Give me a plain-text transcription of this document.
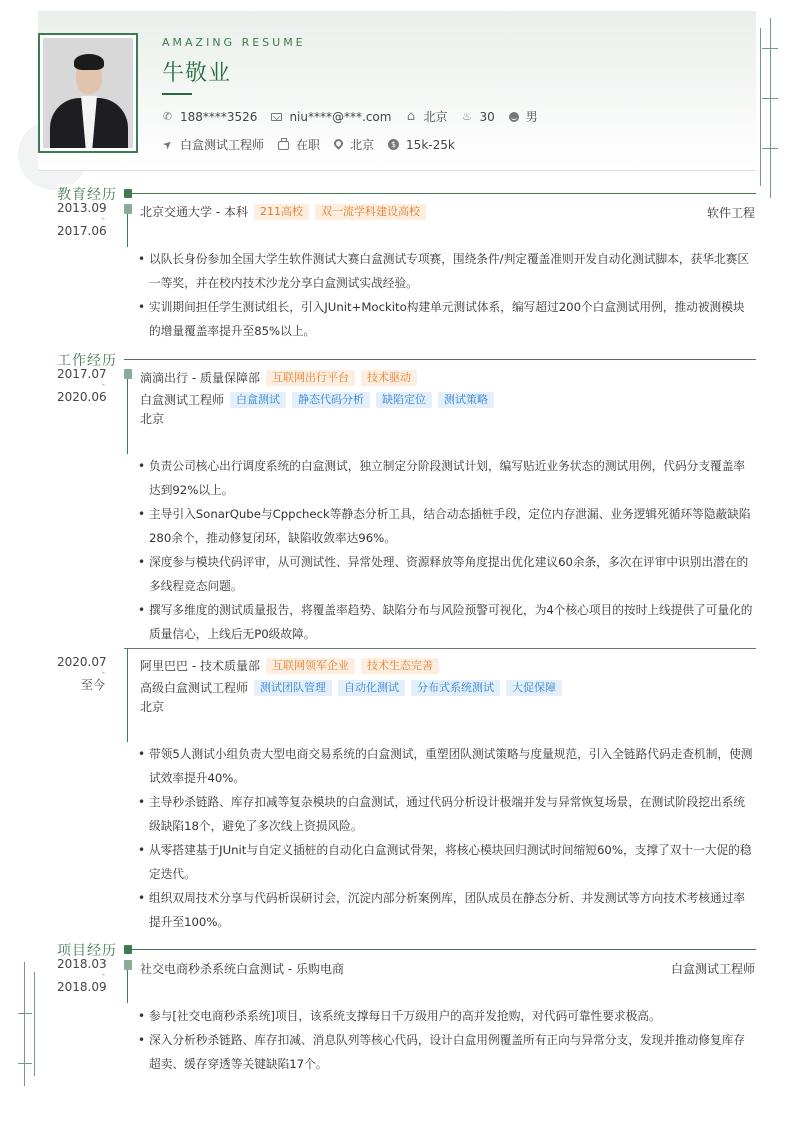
AMAZING RESUME
牛敬业
✆
188****3526	niu****@***.com ⌂	北京 ♨	30	男
➤
白盒测试工程师	在职	北京 $	15k-25k
教育经历
2013.09
-
2017.06
北京交通大学 - 本科	211高校	双一流学科建设高校	软件工程
• 以队长身份参加全国大学生软件测试大赛白盒测试专项赛，围绕条件/判定覆盖准则开发自动化测试脚本，获华北赛区一等奖，并在校内技术沙龙分享白盒测试实战经验。
• 实训期间担任学生测试组长，引入JUnit+Mockito构建单元测试体系，编写超过200个白盒测试用例，推动被测模块的增量覆盖率提升至85%以上。
工作经历
2017.07
-
2020.06
滴滴出行 - 质量保障部	互联网出行平台	技术驱动
白盒测试工程师	白盒测试	静态代码分析	缺陷定位	测试策略
北京
• 负责公司核心出行调度系统的白盒测试，独立制定分阶段测试计划，编写贴近业务状态的测试用例，代码分支覆盖率达到92%以上。
• 主导引入SonarQube与Cppcheck等静态分析工具，结合动态插桩手段，定位内存泄漏、业务逻辑死循环等隐蔽缺陷280余个，推动修复闭环，缺陷收敛率达96%。
• 深度参与模块代码评审，从可测试性、异常处理、资源释放等角度提出优化建议60余条，多次在评审中识别出潜在的多线程竞态问题。
• 撰写多维度的测试质量报告，将覆盖率趋势、缺陷分布与风险预警可视化，为4个核心项目的按时上线提供了可量化的质量信心，上线后无P0级故障。
2020.07
-
至今
阿里巴巴 - 技术质量部	互联网领军企业	技术生态完善
高级白盒测试工程师	测试团队管理	自动化测试	分布式系统测试	大促保障
北京
• 带领5人测试小组负责大型电商交易系统的白盒测试，重塑团队测试策略与度量规范，引入全链路代码走查机制，使测试效率提升40%。
• 主导秒杀链路、库存扣减等复杂模块的白盒测试，通过代码分析设计极端并发与异常恢复场景，在测试阶段挖出系统级缺陷18个，避免了多次线上资损风险。
• 从零搭建基于JUnit与自定义插桩的自动化白盒测试骨架，将核心模块回归测试时间缩短60%，支撑了双十一大促的稳定迭代。
• 组织双周技术分享与代码析误研讨会，沉淀内部分析案例库，团队成员在静态分析、并发测试等方向技术考核通过率提升至100%。
项目经历
2018.03
-
2018.09
社交电商秒杀系统白盒测试 - 乐购电商	白盒测试工程师
• 参与[社交电商秒杀系统]项目，该系统支撑每日千万级用户的高并发抢购，对代码可靠性要求极高。
• 深入分析秒杀链路、库存扣减、消息队列等核心代码，设计白盒用例覆盖所有正向与异常分支，发现并推动修复库存超卖、缓存穿透等关键缺陷17个。
